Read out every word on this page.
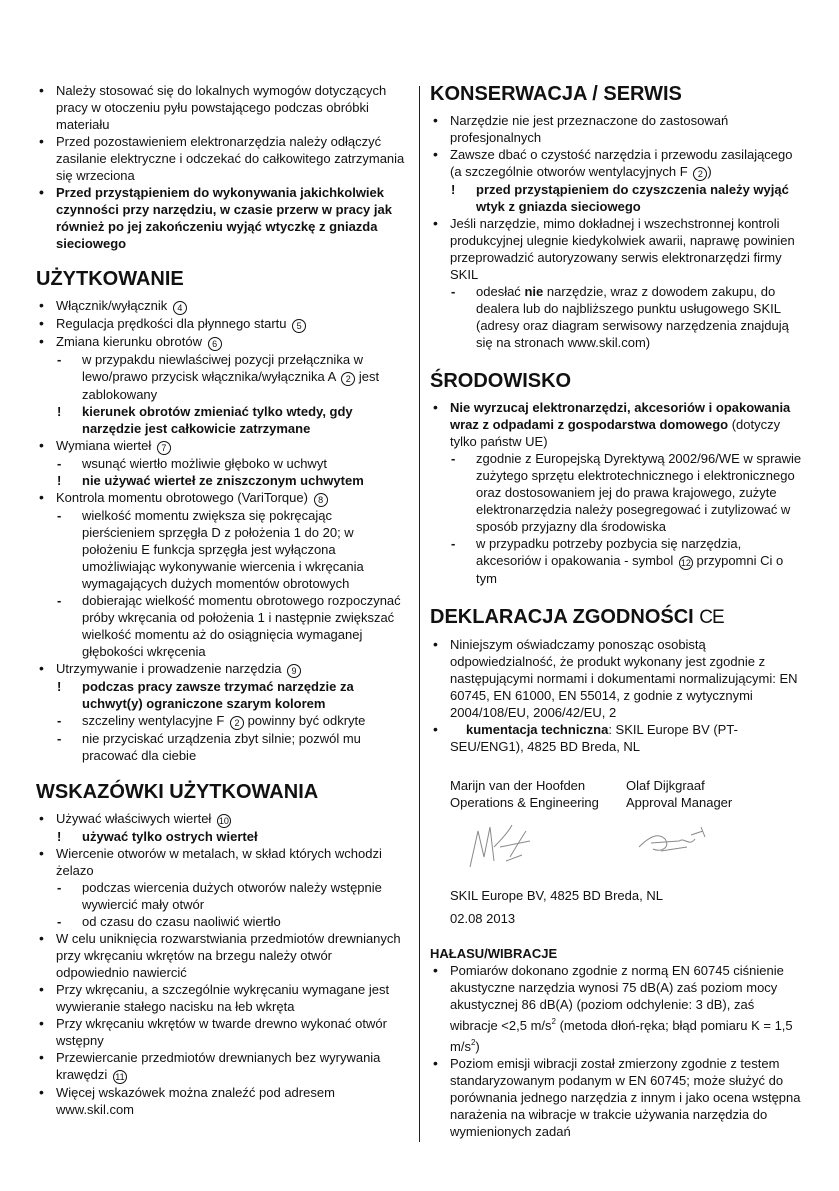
• Należy stosować się do lokalnych wymogów dotyczących pracy w otoczeniu pyłu powstającego podczas obróbki materiału
• Przed pozostawieniem elektronarzędzia należy odłączyć zasilanie elektryczne i odczekać do całkowitego zatrzymania się wrzeciona
• Przed przystąpieniem do wykonywania jakichkolwiek czynności przy narzędziu, w czasie przerw w pracy jak również po jej zakończeniu wyjąć wtyczkę z gniazda sieciowego
UŻYTKOWANIE
• Włącznik/wyłącznik 4
• Regulacja prędkości dla płynnego startu 5
• Zmiana kierunku obrotów 6
- w przypakdu niewlaściwej pozycji przełącznika w lewo/prawo przycisk włącznika/wyłącznika A 2 jest zablokowany
! kierunek obrotów zmieniać tylko wtedy, gdy narzędzie jest całkowicie zatrzymane
• Wymiana wierteł 7
- wsunąć wiertło możliwie głęboko w uchwyt
! nie używać wierteł ze zniszczonym uchwytem
• Kontrola momentu obrotowego (VariTorque) 8
- wielkość momentu zwiększa się pokręcając pierścieniem sprzęgła D z położenia 1 do 20; w położeniu E funkcja sprzęgła jest wyłączona umożliwiając wykonywanie wiercenia i wkręcania wymagających dużych momentów obrotowych
- dobierając wielkość momentu obrotowego rozpoczynać próby wkręcania od położenia 1 i następnie zwiększać wielkość momentu aż do osiągnięcia wymaganej głębokości wkręcenia
• Utrzymywanie i prowadzenie narzędzia 9
! podczas pracy zawsze trzymać narzędzie za uchwyt(y) ograniczone szarym kolorem
- szczeliny wentylacyjne F 2 powinny być odkryte
- nie przyciskać urządzenia zbyt silnie; pozwól mu pracować dla ciebie
WSKAZÓWKI UŻYTKOWANIA
• Używać właściwych wierteł 10
! używać tylko ostrych wierteł
• Wiercenie otworów w metalach, w skład których wchodzi żelazo
- podczas wiercenia dużych otworów należy wstępnie wywiercić mały otwór
- od czasu do czasu naoliwić wiertło
• W celu uniknięcia rozwarstwiania przedmiotów drewnianych przy wkręcaniu wkrętów na brzegu należy otwór odpowiednio nawiercić
• Przy wkręcaniu, a szczególnie wykręcaniu wymagane jest wywieranie stałego nacisku na łeb wkręta
• Przy wkręcaniu wkrętów w twarde drewno wykonać otwór wstępny
• Przewiercanie przedmiotów drewnianych bez wyrywania krawędzi 11
• Więcej wskazówek można znaleźć pod adresem www.skil.com
KONSERWACJA / SERWIS
• Narzędzie nie jest przeznaczone do zastosowań profesjonalnych
• Zawsze dbać o czystość narzędzia i przewodu zasilającego (a szczególnie otworów wentylacyjnych F 2 )
! przed przystąpieniem do czyszczenia należy wyjąć wtyk z gniazda sieciowego
• Jeśli narzędzie, mimo dokładnej i wszechstronnej kontroli produkcyjnej ulegnie kiedykolwiek awarii, naprawę powinien przeprowadzić autoryzowany serwis elektronarzędzi firmy SKIL
- odesłać nie narzędzie, wraz z dowodem zakupu, do dealera lub do najbliższego punktu usługowego SKIL (adresy oraz diagram serwisowy narzędzenia znajdują się na stronach www.skil.com)
ŚRODOWISKO
• Nie wyrzucaj elektronarzędzi, akcesoriów i opakowania wraz z odpadami z gospodarstwa domowego (dotyczy tylko państw UE)
- zgodnie z Europejską Dyrektywą 2002/96/WE w sprawie zużytego sprzętu elektrotechnicznego i elektronicznego oraz dostosowaniem jej do prawa krajowego, zużyte elektronarzędzia należy posegregować i zutylizować w sposób przyjazny dla środowiska
- w przypadku potrzeby pozbycia się narzędzia, akcesoriów i opakowania - symbol 12 przypomni Ci o tym
DEKLARACJA ZGODNOŚCI CE
• Niniejszym oświadczamy ponosząc osobistą odpowiedzialność, że produkt wykonany jest zgodnie z następującymi normami i dokumentami normalizującymi: EN 60745, EN 61000, EN 55014, z godnie z wytycznymi 2004/108/EU, 2006/42/EU, 2
• kumentacja techniczna: SKIL Europe BV (PT-SEU/ENG1), 4825 BD Breda, NL
Marijn van der Hoofden
Operations & Engineering
Olaf Dijkgraaf
Approval Manager
SKIL Europe BV, 4825 BD Breda, NL
02.08 2013
HAŁASU/WIBRACJE
• Pomiarów dokonano zgodnie z normą EN 60745 ciśnienie akustyczne narzędzia wynosi 75 dB(A) zaś poziom mocy akustycznej 86 dB(A) (poziom odchylenie: 3 dB), zaś wibracje <2,5 $m/s^2$ (metoda dłoń-ręka; błąd pomiaru K = 1,5 $m/s^2$)
• Poziom emisji wibracji został zmierzony zgodnie z testem standaryzowanym podanym w EN 60745; może służyć do porównania jednego narzędzia z innym i jako ocena wstępna narażenia na wibracje w trakcie używania narzędzia do wymienionych zadań
